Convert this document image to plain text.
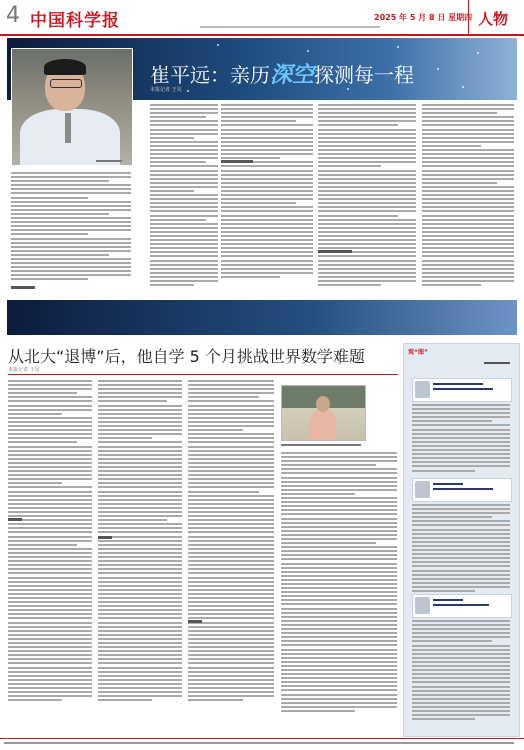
4 中国科学报	2025 年 5 月 8 日 星期四 人物
崔平远：亲历深空探测每一程
本报记者 王昊
从北大“退博”后，他自学 5 个月挑战世界数学难题
本报记者 王昊
观“图”
